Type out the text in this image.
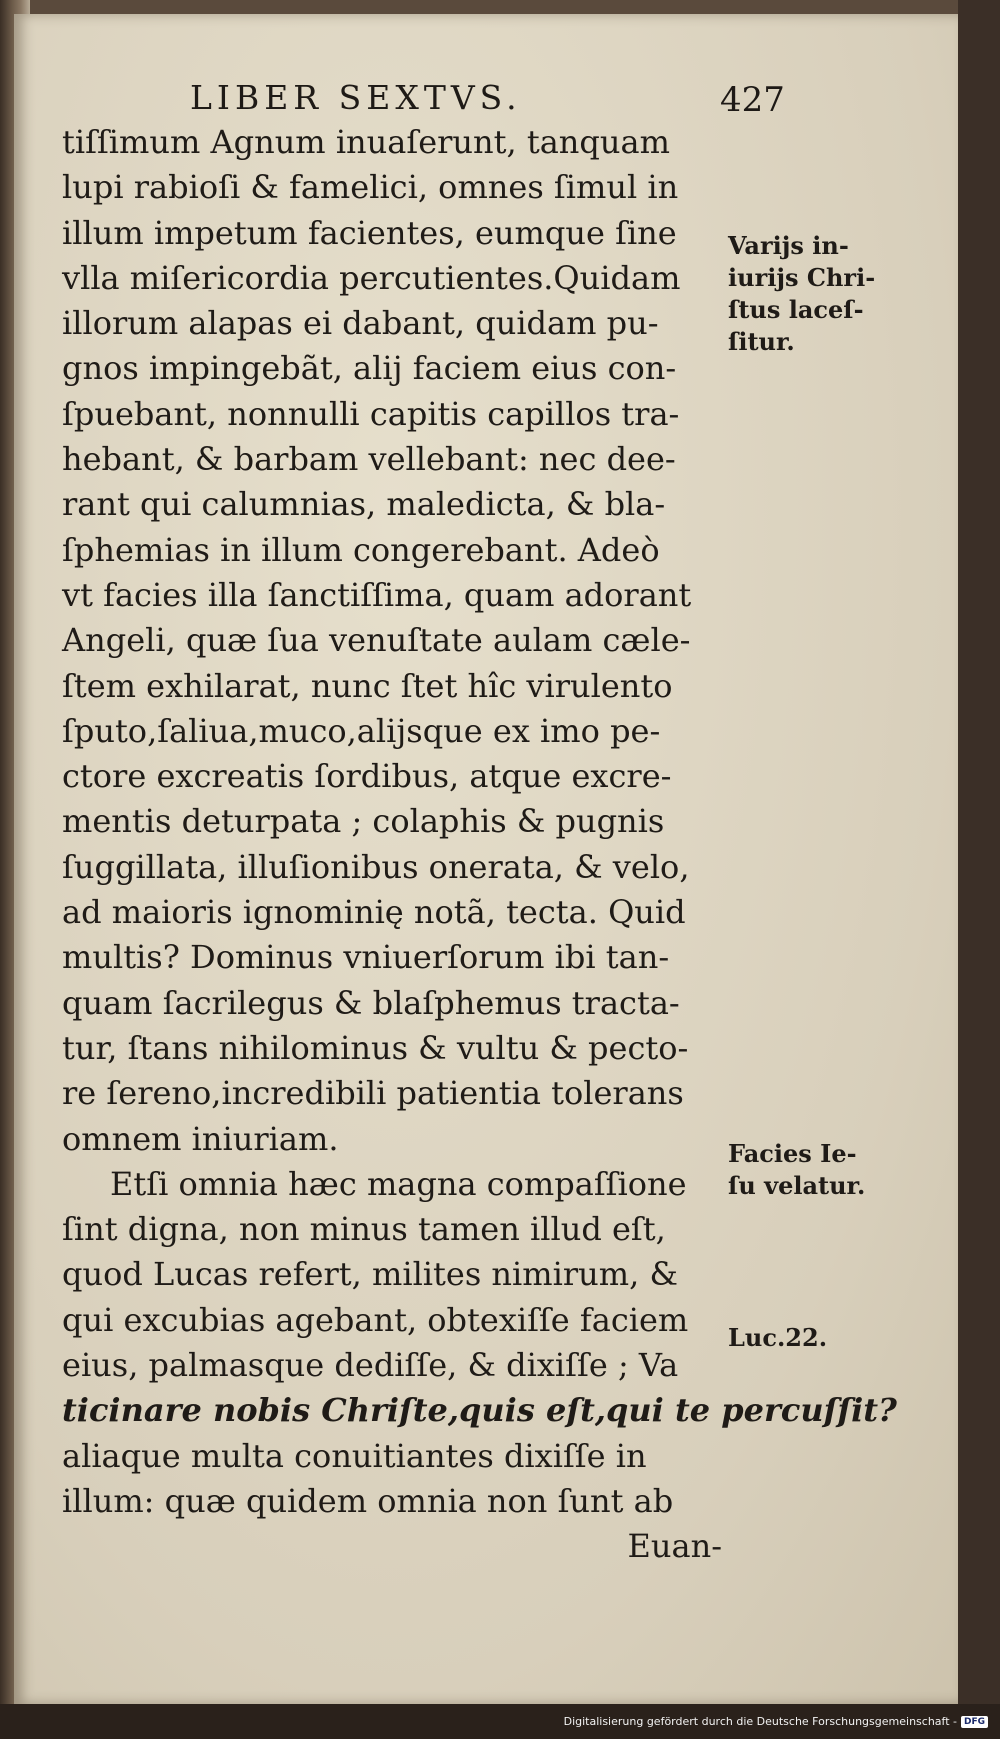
LIBER SEXTVS.	427
tiſſimum Agnum inuaſerunt, tanquam
lupi rabioſi & famelici, omnes ſimul in
illum impetum facientes, eumque ſine
vlla miſericordia percutientes.Quidam
illorum alapas ei dabant, quidam pu-
gnos impingebãt, alij faciem eius con-
ſpuebant, nonnulli capitis capillos tra-
hebant, & barbam vellebant: nec dee-
rant qui calumnias, maledicta, & bla-
ſphemias in illum congerebant. Adeò
vt facies illa ſanctiſſima, quam adorant
Angeli, quæ ſua venuſtate aulam cæle-
ſtem exhilarat, nunc ſtet hîc virulento
ſputo,ſaliua,muco,alijsque ex imo pe-
ctore excreatis ſordibus, atque excre-
mentis deturpata ; colaphis & pugnis
ſuggillata, illuſionibus onerata, & velo,
ad maioris ignominię notã, tecta. Quid
multis? Dominus vniuerſorum ibi tan-
quam ſacrilegus & blaſphemus tracta-
tur, ſtans nihilominus & vultu & pecto-
re ſereno,incredibili patientia tolerans
omnem iniuriam.
Etſi omnia hæc magna compaſſione
ſint digna, non minus tamen illud eſt,
quod Lucas refert, milites nimirum, &
qui excubias agebant, obtexiſſe faciem
eius, palmasque dediſſe, & dixiſſe ; Va
ticinare nobis Chriſte,quis eſt,qui te percuſſit?
aliaque multa conuitiantes dixiſſe in
illum: quæ quidem omnia non ſunt ab
Euan-
Varijs in-
iurijs Chri-
ſtus laceſ-
ſitur.
Facies Ie-
ſu velatur.
Luc.22.
Digitalisierung gefördert durch die Deutsche Forschungsgemeinschaft - DFG
